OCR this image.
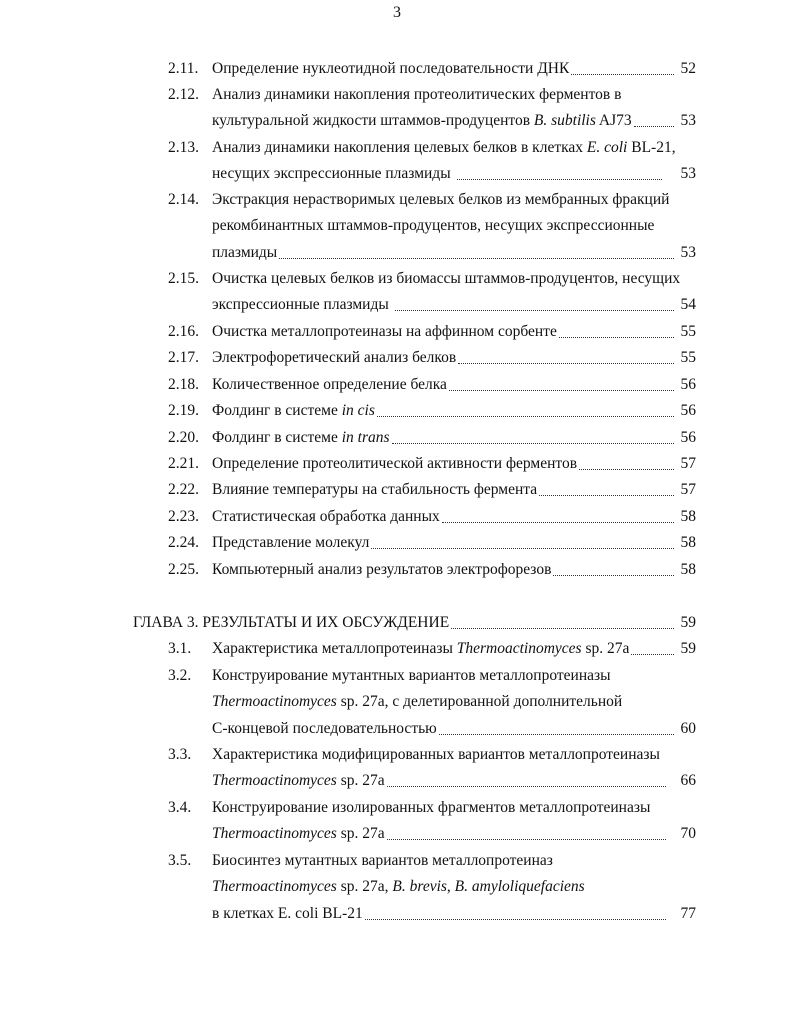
3
2.11. Определение нуклеотидной последовательности ДНК	52
2.12. Анализ динамики накопления протеолитических ферментов в
культуральной жидкости штаммов-продуцентов B. subtilis AJ73	53
2.13. Анализ динамики накопления целевых белков в клетках E. coli BL-21,
несущих экспрессионные плазмиды	53
2.14. Экстракция нерастворимых целевых белков из мембранных фракций
рекомбинантных штаммов-продуцентов, несущих экспрессионные
плазмиды	53
2.15. Очистка целевых белков из биомассы штаммов-продуцентов, несущих
экспрессионные плазмиды	54
2.16. Очистка металлопротеиназы на аффинном сорбенте	55
2.17. Электрофоретический анализ белков	55
2.18. Количественное определение белка	56
2.19. Фолдинг в системе in cis	56
2.20. Фолдинг в системе in trans	56
2.21. Определение протеолитической активности ферментов	57
2.22. Влияние температуры на стабильность фермента	57
2.23. Статистическая обработка данных	58
2.24. Представление молекул	58
2.25. Компьютерный анализ результатов электрофорезов	58
ГЛАВА 3. РЕЗУЛЬТАТЫ И ИХ ОБСУЖДЕНИЕ	59
3.1. Характеристика металлопротеиназы Thermoactinomyces sp. 27a	59
3.2. Конструирование мутантных вариантов металлопротеиназы
Thermoactinomyces sp. 27a, с делетированной дополнительной
С-концевой последовательностью	60
3.3. Характеристика модифицированных вариантов металлопротеиназы
Thermoactinomyces sp. 27a	66
3.4. Конструирование изолированных фрагментов металлопротеиназы
Thermoactinomyces sp. 27a	70
3.5. Биосинтез мутантных вариантов металлопротеиназ
Thermoactinomyces sp. 27a, B. brevis, B. amyloliquefaciens
в клетках E. coli BL-21	77
